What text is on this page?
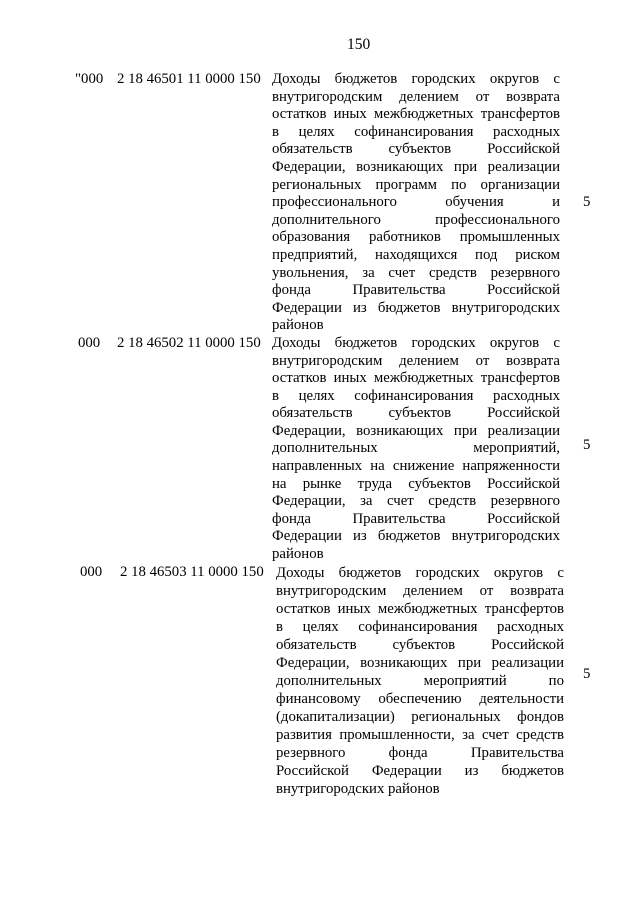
150
"000 2 18 46501 11 0000 150 Доходы бюджетов городских округов с
внутригородским делением от возврата
остатков иных межбюджетных трансфертов
в целях софинансирования расходных
обязательств субъектов Российской
Федерации, возникающих при реализации
региональных программ по организации
профессионального обучения и
дополнительного профессионального
образования работников промышленных
предприятий, находящихся под риском
увольнения, за счет средств резервного
фонда Правительства Российской
Федерации из бюджетов внутригородских
районов
5
000 2 18 46502 11 0000 150 Доходы бюджетов городских округов с
внутригородским делением от возврата
остатков иных межбюджетных трансфертов
в целях софинансирования расходных
обязательств субъектов Российской
Федерации, возникающих при реализации
дополнительных мероприятий,
направленных на снижение напряженности
на рынке труда субъектов Российской
Федерации, за счет средств резервного
фонда Правительства Российской
Федерации из бюджетов внутригородских
районов
5
000 2 18 46503 11 0000 150 Доходы бюджетов городских округов с
внутригородским делением от возврата
остатков иных межбюджетных трансфертов
в целях софинансирования расходных
обязательств субъектов Российской
Федерации, возникающих при реализации
дополнительных мероприятий по
финансовому обеспечению деятельности
(докапитализации) региональных фондов
развития промышленности, за счет средств
резервного фонда Правительства
Российской Федерации из бюджетов
внутригородских районов
5
